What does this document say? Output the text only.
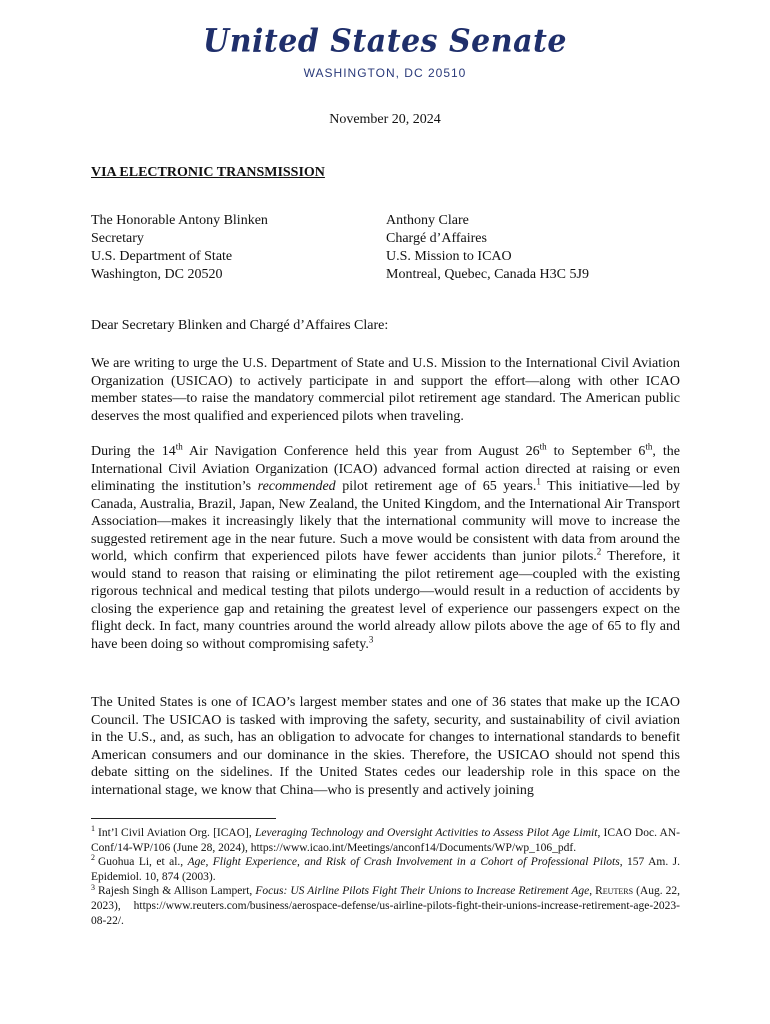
United States Senate
WASHINGTON, DC 20510
November 20, 2024
VIA ELECTRONIC TRANSMISSION
The Honorable Antony Blinken
Secretary
U.S. Department of State
Washington, DC 20520
Anthony Clare
Chargé d’Affaires
U.S. Mission to ICAO
Montreal, Quebec, Canada H3C 5J9
Dear Secretary Blinken and Chargé d’Affaires Clare:

We are writing to urge the U.S. Department of State and U.S. Mission to the International Civil Aviation Organization (USICAO) to actively participate in and support the effort—along with other ICAO member states—to raise the mandatory commercial pilot retirement age standard. The American public deserves the most qualified and experienced pilots when traveling.

During the 14th Air Navigation Conference held this year from August 26th to September 6th, the International Civil Aviation Organization (ICAO) advanced formal action directed at raising or even eliminating the institution’s recommended pilot retirement age of 65 years.$^1$ This initiative—led by Canada, Australia, Brazil, Japan, New Zealand, the United Kingdom, and the International Air Transport Association—makes it increasingly likely that the international community will move to increase the suggested retirement age in the near future. Such a move would be consistent with data from around the world, which confirm that experienced pilots have fewer accidents than junior pilots.$^2$ Therefore, it would stand to reason that raising or eliminating the pilot retirement age—coupled with the existing rigorous technical and medical testing that pilots undergo—would result in a reduction of accidents by closing the experience gap and retaining the greatest level of experience our passengers expect on the flight deck. In fact, many countries around the world already allow pilots above the age of 65 to fly and have been doing so without compromising safety.$^3$

The United States is one of ICAO’s largest member states and one of 36 states that make up the ICAO Council. The USICAO is tasked with improving the safety, security, and sustainability of civil aviation in the U.S., and, as such, has an obligation to advocate for changes to international standards to benefit American consumers and our dominance in the skies. Therefore, the USICAO should not spend this debate sitting on the sidelines. If the United States cedes our leadership role in this space on the international stage, we know that China—who is presently and actively joining

$^1$ Int’l Civil Aviation Org. [ICAO], Leveraging Technology and Oversight Activities to Assess Pilot Age Limit, ICAO Doc. AN-Conf/14-WP/106 (June 28, 2024), https://www.icao.int/Meetings/anconf14/Documents/WP/wp_106_pdf.

$^2$ Guohua Li, et al., Age, Flight Experience, and Risk of Crash Involvement in a Cohort of Professional Pilots, 157 Am. J. Epidemiol. 10, 874 (2003).

$^3$ Rajesh Singh & Allison Lampert, Focus: US Airline Pilots Fight Their Unions to Increase Retirement Age, Reuters (Aug. 22, 2023), https://www.reuters.com/business/aerospace-defense/us-airline-pilots-fight-their-unions-increase-retirement-age-2023-08-22/.
